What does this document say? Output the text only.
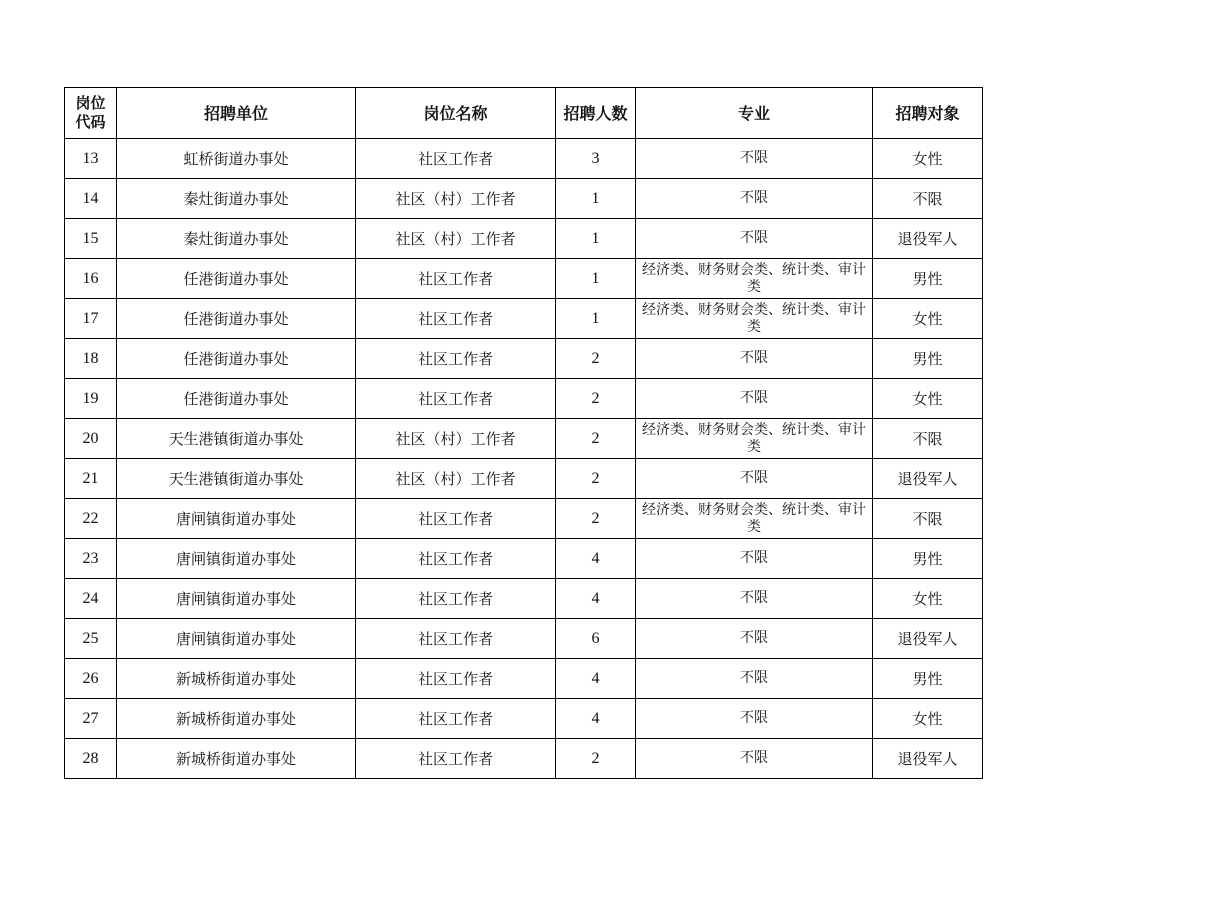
岗位
代码	招聘单位	岗位名称	招聘人数	专业	招聘对象
13	虹桥街道办事处	社区工作者	3	不限	女性
14	秦灶街道办事处	社区（村）工作者	1	不限	不限
15	秦灶街道办事处	社区（村）工作者	1	不限	退役军人
16	任港街道办事处	社区工作者	1	经济类、财务财会类、统计类、审计类	男性
17	任港街道办事处	社区工作者	1	经济类、财务财会类、统计类、审计类	女性
18	任港街道办事处	社区工作者	2	不限	男性
19	任港街道办事处	社区工作者	2	不限	女性
20	天生港镇街道办事处	社区（村）工作者	2	经济类、财务财会类、统计类、审计类	不限
21	天生港镇街道办事处	社区（村）工作者	2	不限	退役军人
22	唐闸镇街道办事处	社区工作者	2	经济类、财务财会类、统计类、审计类	不限
23	唐闸镇街道办事处	社区工作者	4	不限	男性
24	唐闸镇街道办事处	社区工作者	4	不限	女性
25	唐闸镇街道办事处	社区工作者	6	不限	退役军人
26	新城桥街道办事处	社区工作者	4	不限	男性
27	新城桥街道办事处	社区工作者	4	不限	女性
28	新城桥街道办事处	社区工作者	2	不限	退役军人
